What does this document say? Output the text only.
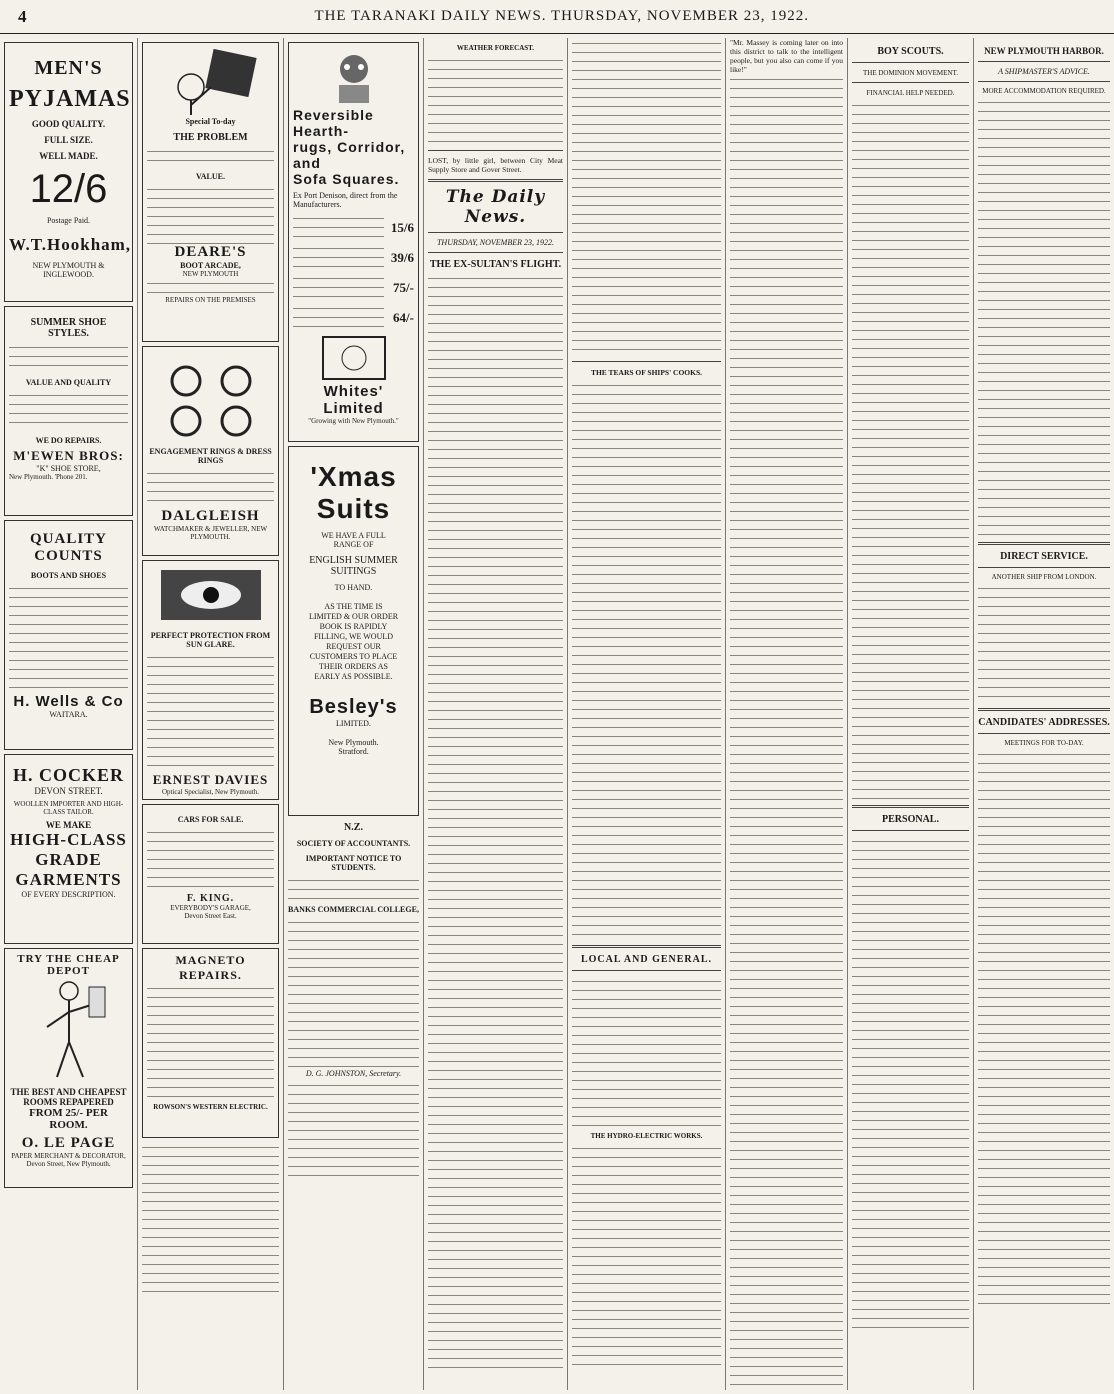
4	THE TARANAKI DAILY NEWS. THURSDAY, NOVEMBER 23, 1922.
MEN'S
PYJAMAS
GOOD QUALITY.
FULL SIZE.
WELL MADE.
12/6
Postage Paid.
W.T.Hookham,
NEW PLYMOUTH & INGLEWOOD.
SUMMER SHOE STYLES.
VALUE AND QUALITY
WE DO REPAIRS.
M'EWEN BROS:
"K" SHOE STORE,
New Plymouth. 'Phone 201.
QUALITY
COUNTS
BOOTS AND SHOES
H. Wells & Co
WAITARA.
H. COCKER
DEVON STREET.
WOOLLEN IMPORTER AND HIGH-CLASS TAILOR.
WE MAKE
HIGH-CLASS
GRADE
GARMENTS
OF EVERY DESCRIPTION.
TRY THE CHEAP DEPOT
THE BEST AND CHEAPEST ROOMS REPAPERED
FROM 25/- PER ROOM.
O. LE PAGE
PAPER MERCHANT & DECORATOR,
Devon Street, New Plymouth.
Special To-day
THE PROBLEM
VALUE.
DEARE'S
BOOT ARCADE,
NEW PLYMOUTH
REPAIRS ON THE PREMISES
ENGAGEMENT RINGS & DRESS RINGS
DALGLEISH
WATCHMAKER & JEWELLER, NEW PLYMOUTH.
PERFECT PROTECTION FROM SUN GLARE.
ERNEST DAVIES
Optical Specialist, New Plymouth.
CARS FOR SALE.
F. KING.
EVERYBODY'S GARAGE,
Devon Street East.
MAGNETO REPAIRS.
ROWSON'S WESTERN ELECTRIC.
Reversible Hearth-
rugs, Corridor, and
Sofa Squares.
Ex Port Denison, direct from the Manufacturers.
15/6
39/6
75/-
64/-
Whites' Limited
"Growing with New Plymouth."
'Xmas
Suits
WE HAVE A FULL RANGE OF
ENGLISH SUMMER SUITINGS
TO HAND.
AS THE TIME IS LIMITED & OUR ORDER BOOK IS RAPIDLY FILLING, WE WOULD REQUEST OUR CUSTOMERS TO PLACE THEIR ORDERS AS EARLY AS POSSIBLE.
Besley's
LIMITED.
New Plymouth.
Stratford.
N.Z.
SOCIETY OF ACCOUNTANTS.
IMPORTANT NOTICE TO STUDENTS.
BANKS COMMERCIAL COLLEGE,
D. G. JOHNSTON, Secretary.
WEATHER FORECAST.
LOST, by little girl, between City Meat Supply Store and Gover Street.
The Daily News.
THURSDAY, NOVEMBER 23, 1922.
THE EX-SULTAN'S FLIGHT.
THE TEARS OF SHIPS' COOKS.
LOCAL AND GENERAL.
THE HYDRO-ELECTRIC WORKS.
"Mr. Massey is coming later on into this district to talk to the intelligent people, but you also can come if you like!"
BOY SCOUTS.
THE DOMINION MOVEMENT.
FINANCIAL HELP NEEDED.
PERSONAL.
NEW PLYMOUTH HARBOR.
A SHIPMASTER'S ADVICE.
MORE ACCOMMODATION REQUIRED.
DIRECT SERVICE.
ANOTHER SHIP FROM LONDON.
CANDIDATES' ADDRESSES.
MEETINGS FOR TO-DAY.
